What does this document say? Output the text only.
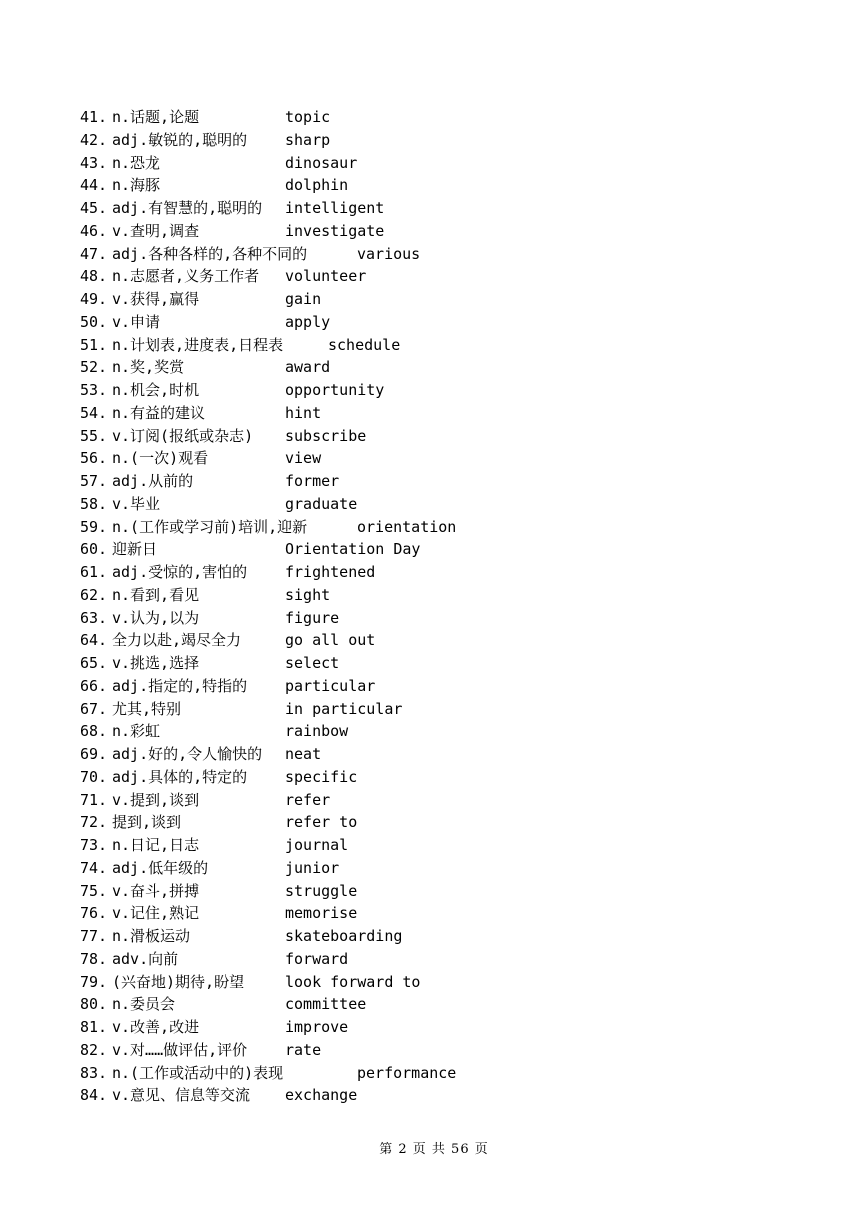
41. n.话题,论题	topic
42. adj.敏锐的,聪明的	sharp
43. n.恐龙	dinosaur
44. n.海豚	dolphin
45. adj.有智慧的,聪明的 intelligent
46. v.查明,调查	investigate
47. adj.各种各样的,各种不同的	various
48. n.志愿者,义务工作者 volunteer
49. v.获得,赢得	gain
50. v.申请	apply
51. n.计划表,进度表,日程表	schedule
52. n.奖,奖赏	award
53. n.机会,时机	opportunity
54. n.有益的建议	hint
55. v.订阅(报纸或杂志) subscribe
56. n.(一次)观看	view
57. adj.从前的	former
58. v.毕业	graduate
59. n.(工作或学习前)培训,迎新	orientation
60. 迎新日	Orientation Day
61. adj.受惊的,害怕的	frightened
62. n.看到,看见	sight
63. v.认为,以为	figure
64. 全力以赴,竭尽全力	go all out
65. v.挑选,选择	select
66. adj.指定的,特指的	particular
67. 尤其,特别	in particular
68. n.彩虹	rainbow
69. adj.好的,令人愉快的 neat
70. adj.具体的,特定的	specific
71. v.提到,谈到	refer
72. 提到,谈到	refer to
73. n.日记,日志	journal
74. adj.低年级的	junior
75. v.奋斗,拼搏	struggle
76. v.记住,熟记	memorise
77. n.滑板运动	skateboarding
78. adv.向前	forward
79. (兴奋地)期待,盼望	look forward to
80. n.委员会	committee
81. v.改善,改进	improve
82. v.对……做评估,评价	rate
83. n.(工作或活动中的)表现	performance
84. v.意见、信息等交流 exchange
第 2 页 共 56 页
